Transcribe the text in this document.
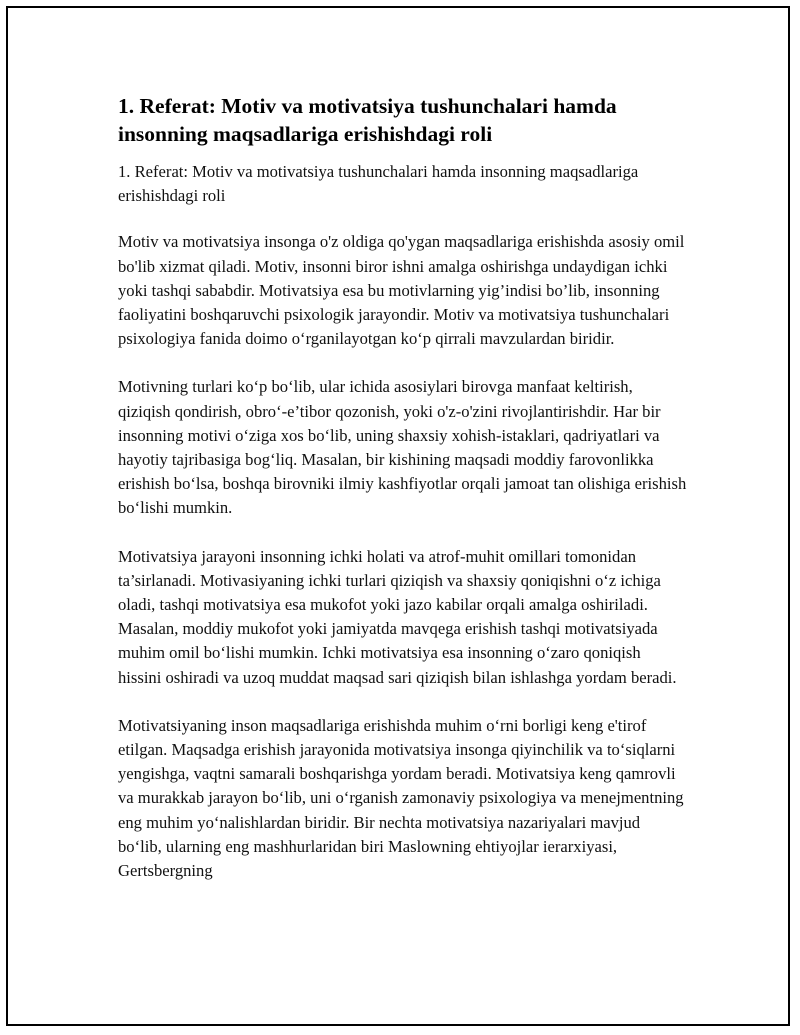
1. Referat: Motiv va motivatsiya tushunchalari hamda insonning maqsadlariga erishishdagi roli

1. Referat: Motiv va motivatsiya tushunchalari hamda insonning maqsadlariga erishishdagi roli

Motiv va motivatsiya insonga o'z oldiga qo'ygan maqsadlariga erishishda asosiy omil bo'lib xizmat qiladi. Motiv, insonni biror ishni amalga oshirishga undaydigan ichki yoki tashqi sababdir. Motivatsiya esa bu motivlarning yig’indisi bo’lib, insonning faoliyatini boshqaruvchi psixologik jarayondir. Motiv va motivatsiya tushunchalari psixologiya fanida doimo o‘rganilayotgan ko‘p qirrali mavzulardan biridir.

Motivning turlari ko‘p bo‘lib, ular ichida asosiylari birovga manfaat keltirish, qiziqish qondirish, obro‘-e’tibor qozonish, yoki o'z-o'zini rivojlantirishdir. Har bir insonning motivi o‘ziga xos bo‘lib, uning shaxsiy xohish-istaklari, qadriyatlari va hayotiy tajribasiga bog‘liq. Masalan, bir kishining maqsadi moddiy farovonlikka erishish bo‘lsa, boshqa birovniki ilmiy kashfiyotlar orqali jamoat tan olishiga erishish bo‘lishi mumkin.

Motivatsiya jarayoni insonning ichki holati va atrof-muhit omillari tomonidan ta’sirlanadi. Motivasiyaning ichki turlari qiziqish va shaxsiy qoniqishni o‘z ichiga oladi, tashqi motivatsiya esa mukofot yoki jazo kabilar orqali amalga oshiriladi. Masalan, moddiy mukofot yoki jamiyatda mavqega erishish tashqi motivatsiyada muhim omil bo‘lishi mumkin. Ichki motivatsiya esa insonning o‘zaro qoniqish hissini oshiradi va uzoq muddat maqsad sari qiziqish bilan ishlashga yordam beradi.

Motivatsiyaning inson maqsadlariga erishishda muhim o‘rni borligi keng e'tirof etilgan. Maqsadga erishish jarayonida motivatsiya insonga qiyinchilik va to‘siqlarni yengishga, vaqtni samarali boshqarishga yordam beradi. Motivatsiya keng qamrovli va murakkab jarayon bo‘lib, uni o‘rganish zamonaviy psixologiya va menejmentning eng muhim yo‘nalishlardan biridir. Bir nechta motivatsiya nazariyalari mavjud bo‘lib, ularning eng mashhurlaridan biri Maslowning ehtiyojlar ierarxiyasi, Gertsbergning
